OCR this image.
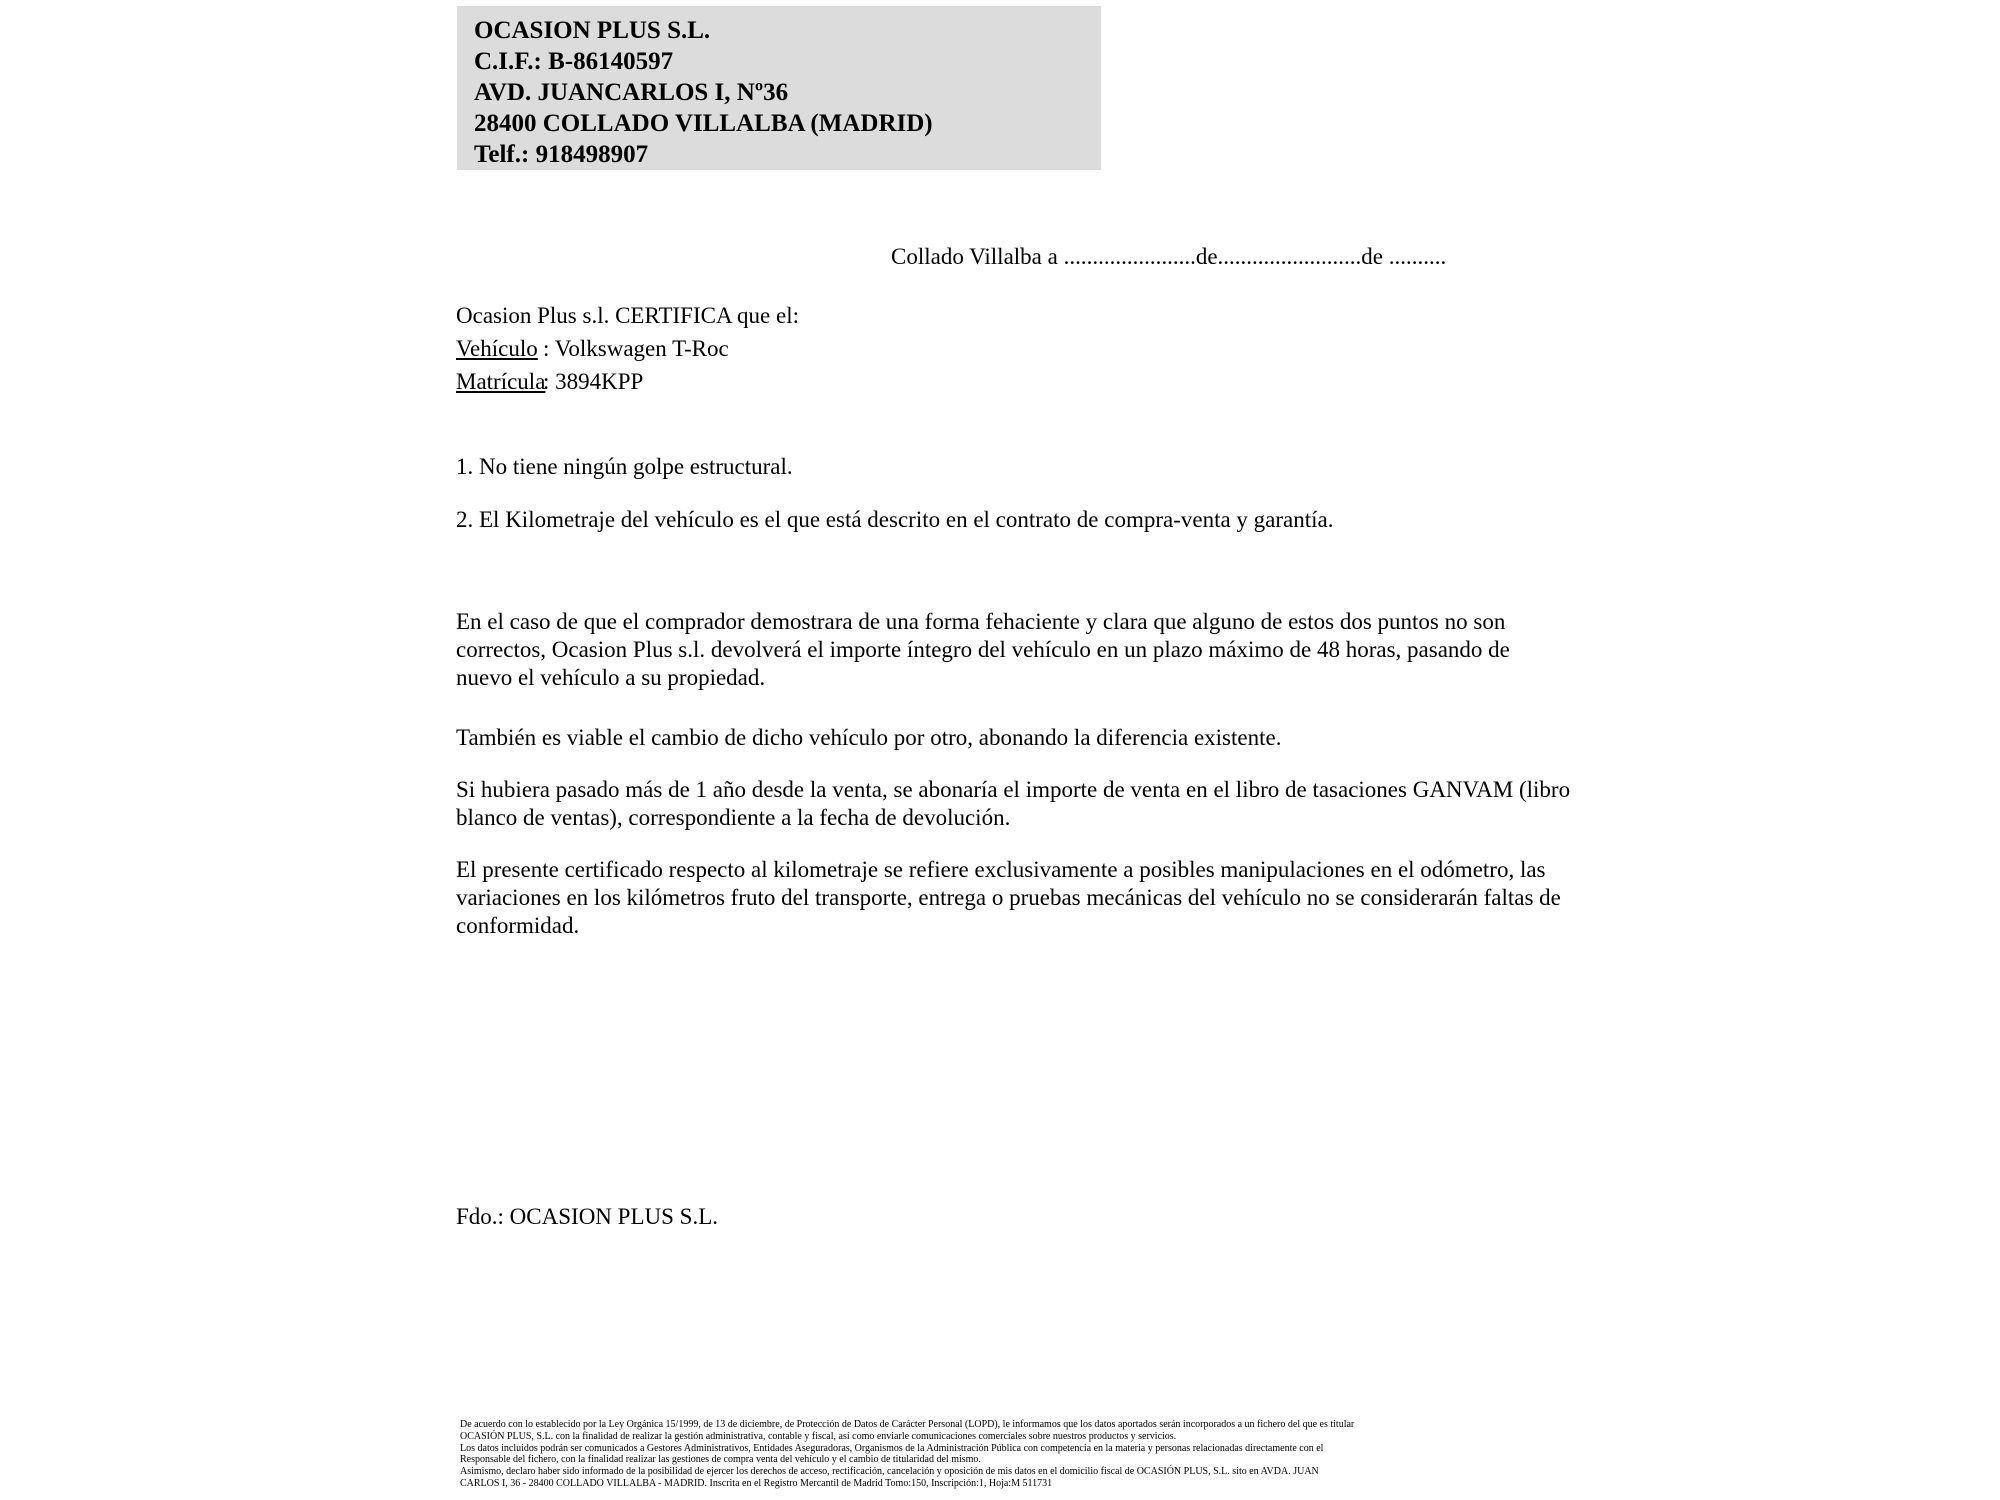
OCASION PLUS S.L.
C.I.F.: B-86140597
AVD. JUANCARLOS I, Nº36
28400 COLLADO VILLALBA (MADRID)
Telf.: 918498907
Collado Villalba a .......................de.........................de ..........
Ocasion Plus s.l. CERTIFICA que el:
Vehículo : Volkswagen T-Roc
Matrícula: 3894KPP
1. No tiene ningún golpe estructural.
2. El Kilometraje del vehículo es el que está descrito en el contrato de compra-venta y garantía.
En el caso de que el comprador demostrara de una forma fehaciente y clara que alguno de estos dos puntos no son correctos, Ocasion Plus s.l. devolverá el importe íntegro del vehículo en un plazo máximo de 48 horas, pasando de nuevo el vehículo a su propiedad.
También es viable el cambio de dicho vehículo por otro, abonando la diferencia existente.
Si hubiera pasado más de 1 año desde la venta, se abonaría el importe de venta en el libro de tasaciones GANVAM (libro blanco de ventas), correspondiente a la fecha de devolución.
El presente certificado respecto al kilometraje se refiere exclusivamente a posibles manipulaciones en el odómetro, las variaciones en los kilómetros fruto del transporte, entrega o pruebas mecánicas del vehículo no se considerarán faltas de conformidad.
Fdo.: OCASION PLUS S.L.
De acuerdo con lo establecido por la Ley Orgánica 15/1999, de 13 de diciembre, de Protección de Datos de Carácter Personal (LOPD), le informamos que los datos aportados serán incorporados a un fichero del que es titular
OCASIÓN PLUS, S.L. con la finalidad de realizar la gestión administrativa, contable y fiscal, así como enviarle comunicaciones comerciales sobre nuestros productos y servicios.
Los datos incluidos podrán ser comunicados a Gestores Administrativos, Entidades Aseguradoras, Organismos de la Administración Pública con competencia en la materia y personas relacionadas directamente con el
Responsable del fichero, con la finalidad realizar las gestiones de compra venta del vehículo y el cambio de titularidad del mismo.
Asimismo, declaro haber sido informado de la posibilidad de ejercer los derechos de acceso, rectificación, cancelación y oposición de mis datos en el domicilio fiscal de OCASIÓN PLUS, S.L. sito en AVDA. JUAN
CARLOS I, 36 - 28400 COLLADO VILLALBA - MADRID. Inscrita en el Registro Mercantil de Madrid Tomo:150, Inscripción:1, Hoja:M 511731
